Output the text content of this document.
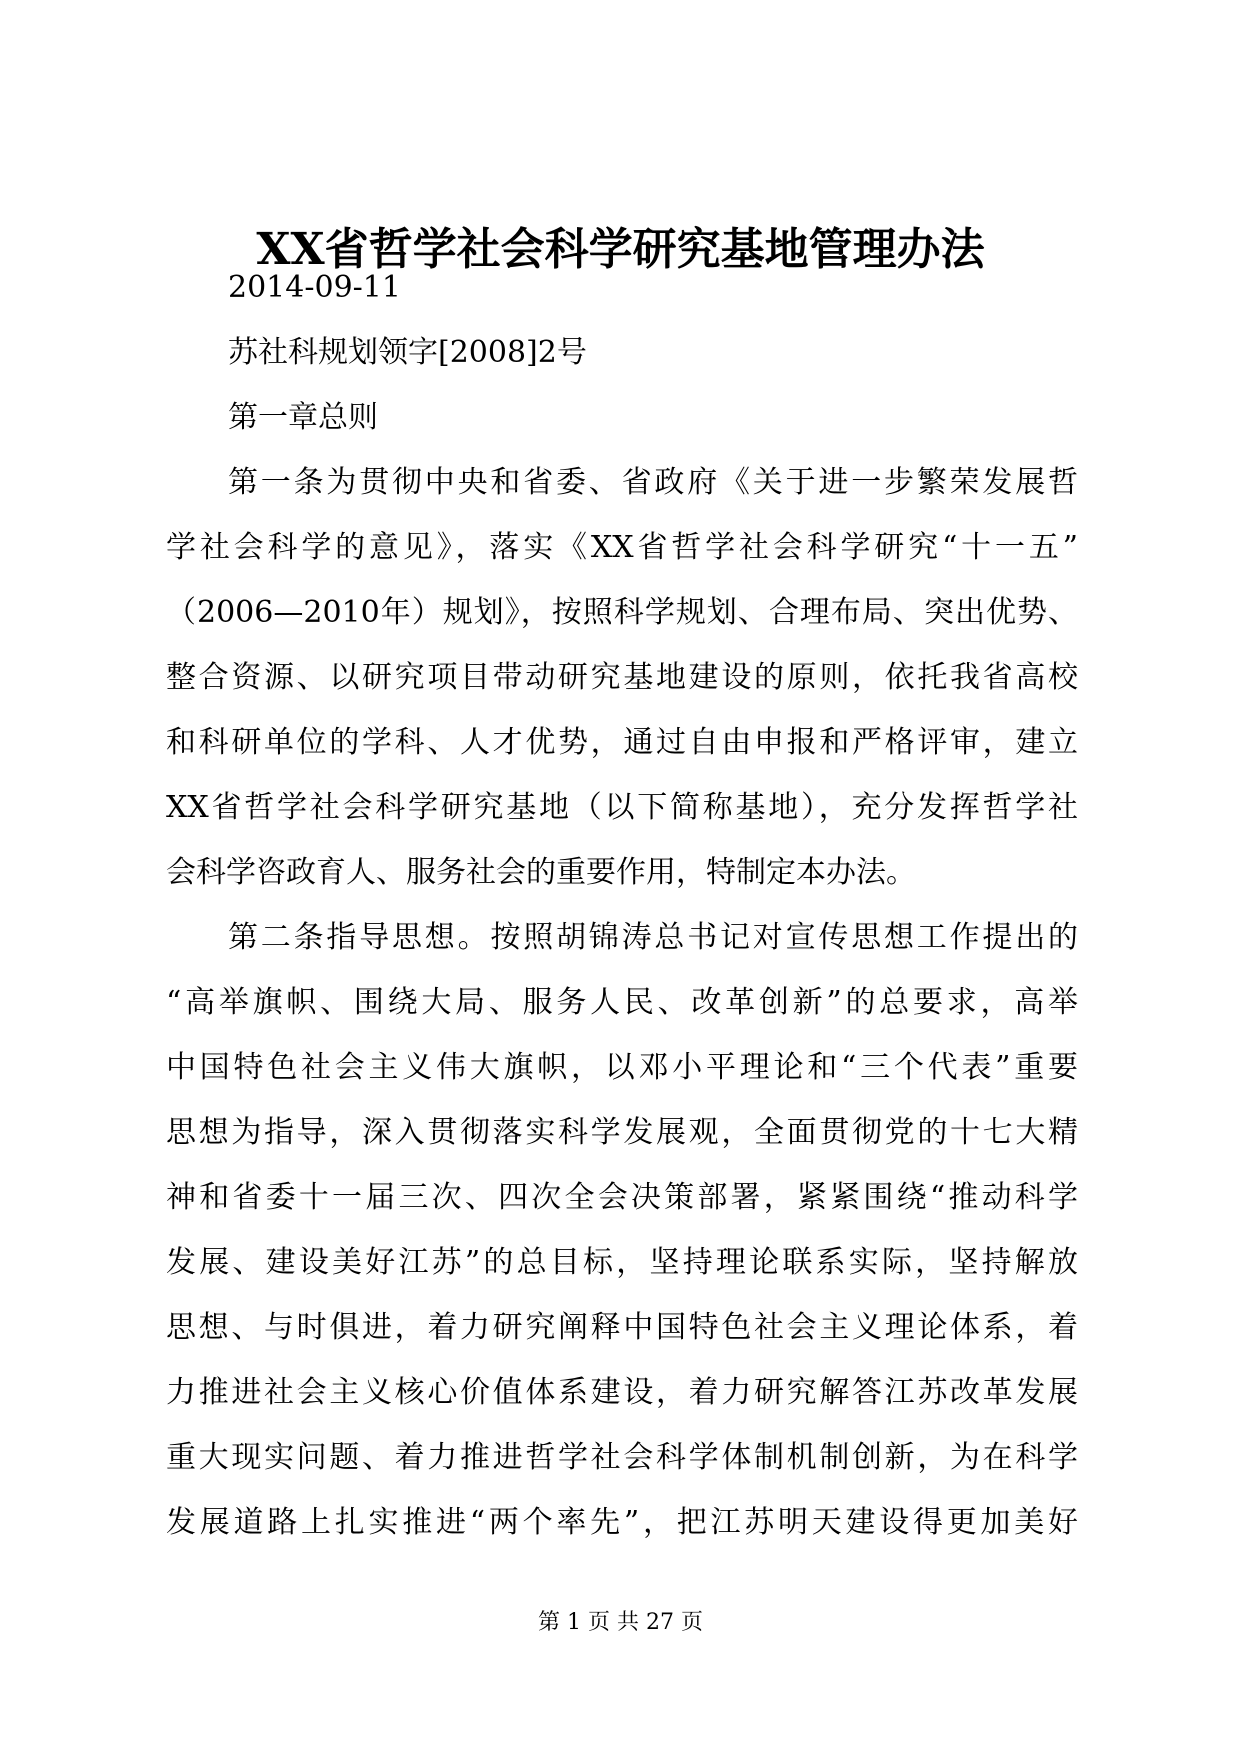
XX省哲学社会科学研究基地管理办法

2014-09-11

苏社科规划领字[2008]2号

第一章总则

第一条为贯彻中央和省委、省政府《关于进一步繁荣发展哲
学社会科学的意见》，落实《XX省哲学社会科学研究“十一五”
（2006—2010年）规划》，按照科学规划、合理布局、突出优势、
整合资源、以研究项目带动研究基地建设的原则，依托我省高校
和科研单位的学科、人才优势，通过自由申报和严格评审，建立
XX省哲学社会科学研究基地（以下简称基地），充分发挥哲学社
会科学咨政育人、服务社会的重要作用，特制定本办法。
第二条指导思想。按照胡锦涛总书记对宣传思想工作提出的
“高举旗帜、围绕大局、服务人民、改革创新”的总要求，高举
中国特色社会主义伟大旗帜，以邓小平理论和“三个代表”重要
思想为指导，深入贯彻落实科学发展观，全面贯彻党的十七大精
神和省委十一届三次、四次全会决策部署，紧紧围绕“推动科学
发展、建设美好江苏”的总目标，坚持理论联系实际，坚持解放
思想、与时俱进，着力研究阐释中国特色社会主义理论体系，着
力推进社会主义核心价值体系建设，着力研究解答江苏改革发展
重大现实问题、着力推进哲学社会科学体制机制创新，为在科学
发展道路上扎实推进“两个率先”，把江苏明天建设得更加美好
第 1 页 共 27 页
